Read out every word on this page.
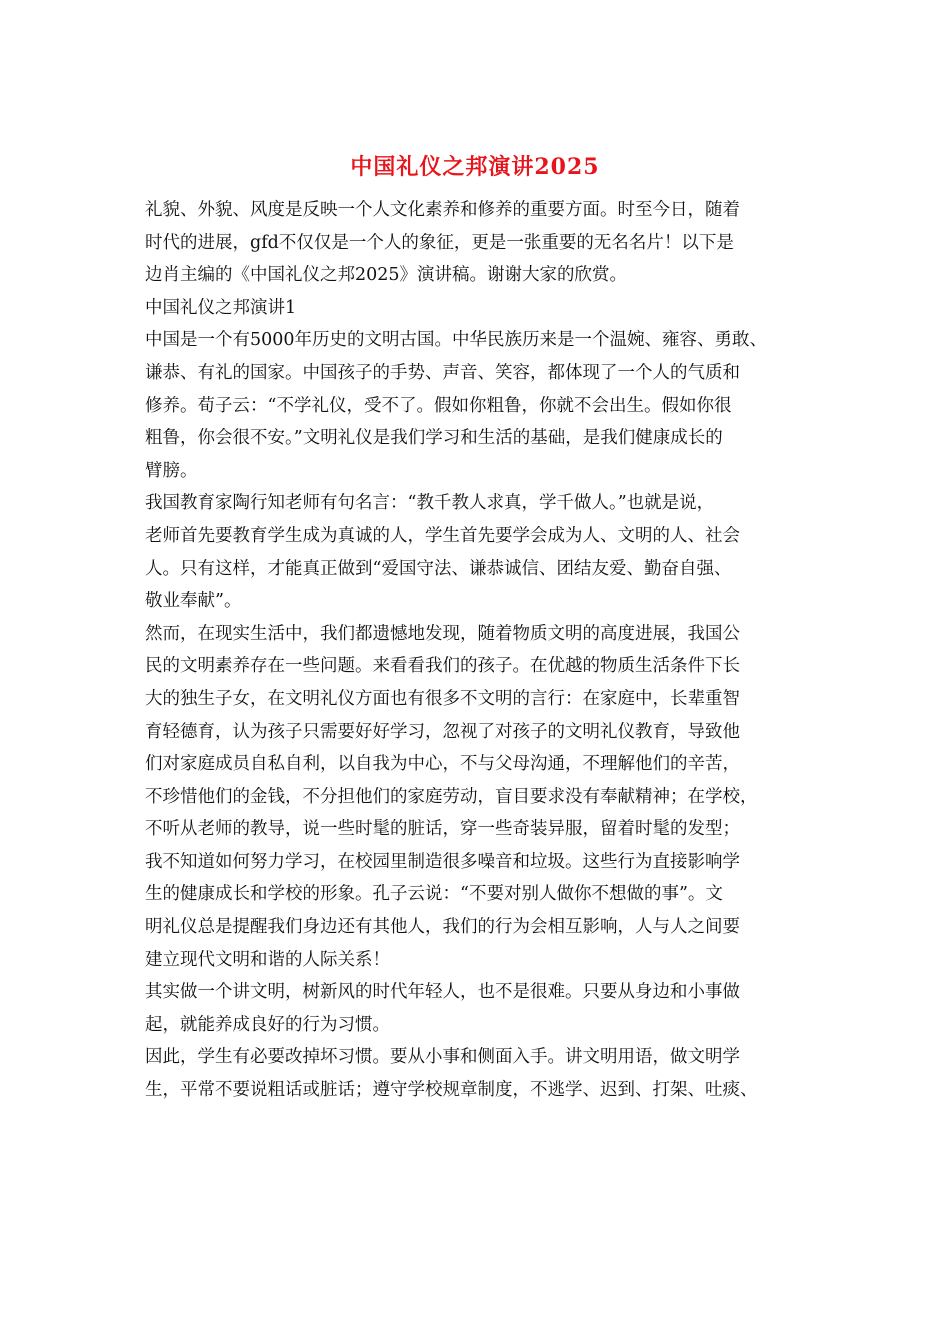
中国礼仪之邦演讲2025
礼貌、外貌、风度是反映一个人文化素养和修养的重要方面。时至今日，随着
时代的进展，gfd不仅仅是一个人的象征，更是一张重要的无名名片！以下是
边肖主编的《中国礼仪之邦2025》演讲稿。谢谢大家的欣赏。
中国礼仪之邦演讲1
中国是一个有5000年历史的文明古国。中华民族历来是一个温婉、雍容、勇敢、
谦恭、有礼的国家。中国孩子的手势、声音、笑容，都体现了一个人的气质和
修养。荀子云：“不学礼仪，受不了。假如你粗鲁，你就不会出生。假如你很
粗鲁，你会很不安。”文明礼仪是我们学习和生活的基础，是我们健康成长的
臂膀。
我国教育家陶行知老师有句名言：“教千教人求真，学千做人。”也就是说，
老师首先要教育学生成为真诚的人，学生首先要学会成为人、文明的人、社会
人。只有这样，才能真正做到“爱国守法、谦恭诚信、团结友爱、勤奋自强、
敬业奉献”。
然而，在现实生活中，我们都遗憾地发现，随着物质文明的高度进展，我国公
民的文明素养存在一些问题。来看看我们的孩子。在优越的物质生活条件下长
大的独生子女，在文明礼仪方面也有很多不文明的言行：在家庭中，长辈重智
育轻德育，认为孩子只需要好好学习，忽视了对孩子的文明礼仪教育，导致他
们对家庭成员自私自利，以自我为中心，不与父母沟通，不理解他们的辛苦，
不珍惜他们的金钱，不分担他们的家庭劳动，盲目要求没有奉献精神；在学校，
不听从老师的教导，说一些时髦的脏话，穿一些奇装异服，留着时髦的发型；
我不知道如何努力学习，在校园里制造很多噪音和垃圾。这些行为直接影响学
生的健康成长和学校的形象。孔子云说：“不要对别人做你不想做的事”。文
明礼仪总是提醒我们身边还有其他人，我们的行为会相互影响，人与人之间要
建立现代文明和谐的人际关系！
其实做一个讲文明，树新风的时代年轻人，也不是很难。只要从身边和小事做
起，就能养成良好的行为习惯。
因此，学生有必要改掉坏习惯。要从小事和侧面入手。讲文明用语，做文明学
生，平常不要说粗话或脏话；遵守学校规章制度，不逃学、迟到、打架、吐痰、
